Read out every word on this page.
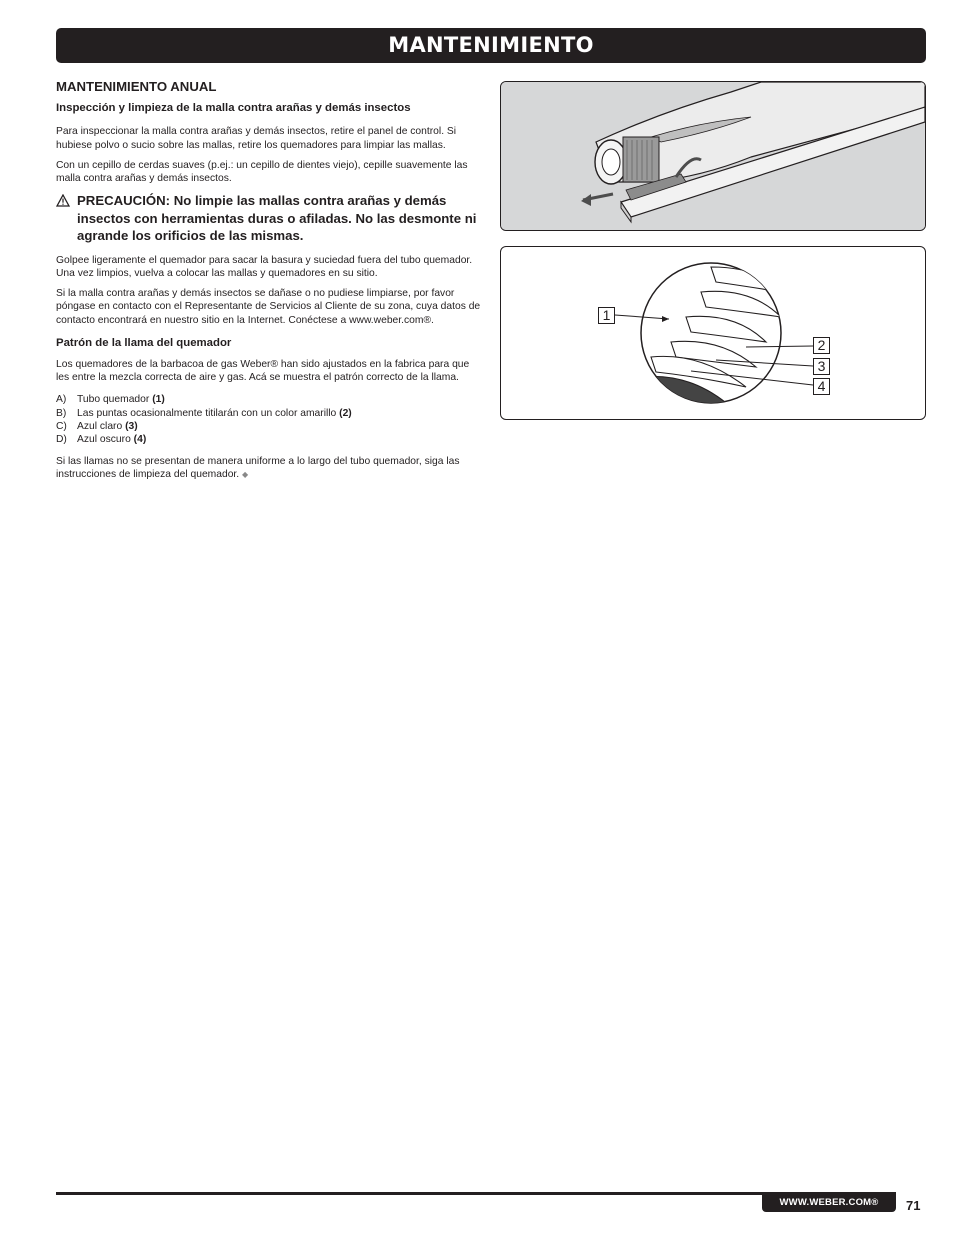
MANTENIMIENTO
MANTENIMIENTO ANUAL
Inspección y limpieza de la malla contra arañas y demás insectos

Para inspeccionar la malla contra arañas y demás insectos, retire el panel de control. Si hubiese polvo o sucio sobre las mallas, retire los quemadores para limpiar las mallas.

Con un cepillo de cerdas suaves (p.ej.: un cepillo de dientes viejo), cepille suavemente las malla contra arañas y demás insectos.

PRECAUCIÓN: No limpie las mallas contra arañas y demás insectos con herramientas duras o afiladas. No las desmonte ni agrande los orificios de las mismas.

Golpee ligeramente el quemador para sacar la basura y suciedad fuera del tubo quemador. Una vez limpios, vuelva a colocar las mallas y quemadores en su sitio.

Si la malla contra arañas y demás insectos se dañase o no pudiese limpiarse, por favor póngase en contacto con el Representante de Servicios al Cliente de su zona, cuya datos de contacto encontrará en nuestro sitio en la Internet. Conéctese a www.weber.com®.

Patrón de la llama del quemador

Los quemadores de la barbacoa de gas Weber® han sido ajustados en la fabrica para que les entre la mezcla correcta de aire y gas. Acá se muestra el patrón correcto de la llama.

A)	Tubo quemador (1)
B)	Las puntas ocasionalmente titilarán con un color amarillo (2)
C) Azul claro (3)
D) Azul oscuro (4)

Si las llamas no se presentan de manera uniforme a lo largo del tubo quemador, siga las instrucciones de limpieza del quemador. ◆

1
2
3
4
WWW.WEBER.COM®	71
